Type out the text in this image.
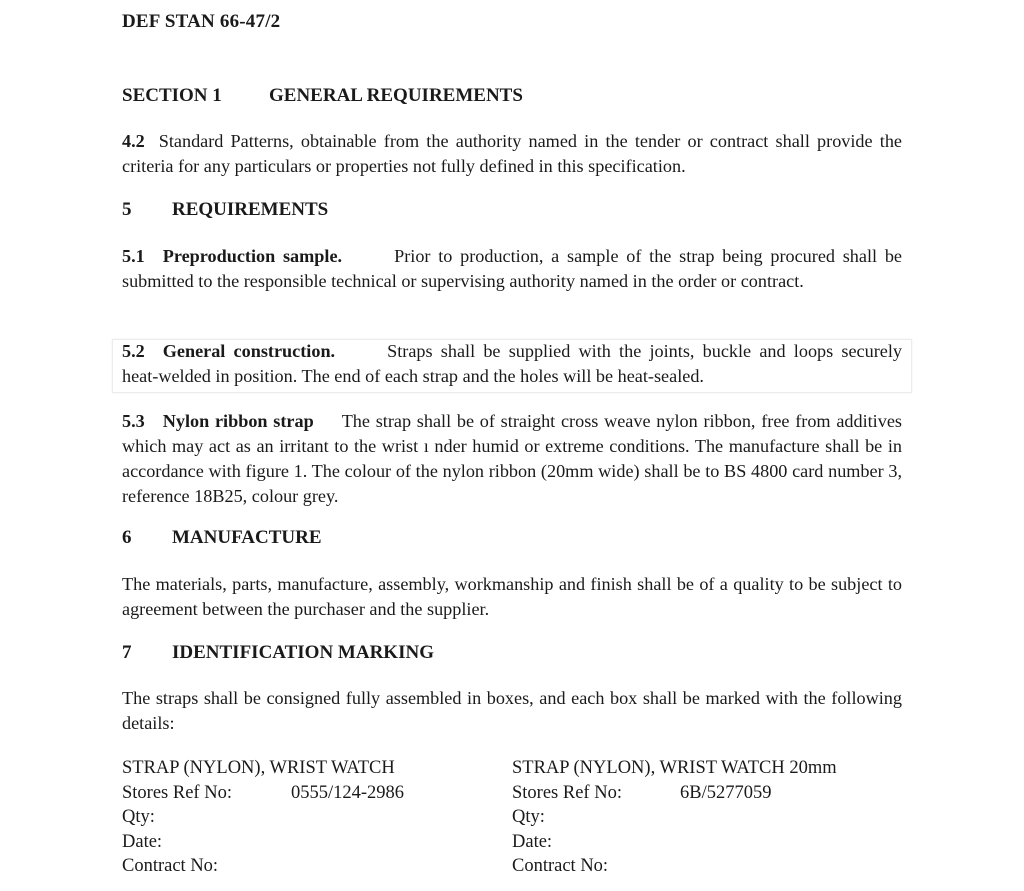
DEF STAN 66-47/2
SECTION 1 GENERAL REQUIREMENTS
4.2 Standard Patterns, obtainable from the authority named in the tender or contract shall provide the criteria for any particulars or properties not fully defined in this specification.
5 REQUIREMENTS
5.1 Preproduction sample.	Prior to production, a sample of the strap being procured shall be submitted to the responsible technical or supervising authority named in the order or contract.
5.2 General construction.	Straps shall be supplied with the joints, buckle and loops securely heat-welded in position. The end of each strap and the holes will be heat-sealed.
5.3 Nylon ribbon strap The strap shall be of straight cross weave nylon ribbon, free from additives which may act as an irritant to the wrist ı nder humid or extreme conditions. The manufacture shall be in accordance with figure 1. The colour of the nylon ribbon (20mm wide) shall be to BS 4800 card number 3, reference 18B25, colour grey.
6 MANUFACTURE
The materials, parts, manufacture, assembly, workmanship and finish shall be of a quality to be subject to agreement between the purchaser and the supplier.
7 IDENTIFICATION MARKING
The straps shall be consigned fully assembled in boxes, and each box shall be marked with the following details:
STRAP (NYLON), WRIST WATCH
Stores Ref No:	0555/124-2986
Qty:
Date:
Contract No:
STRAP (NYLON), WRIST WATCH 20mm
Stores Ref No:	6B/5277059
Qty:
Date:
Contract No:
